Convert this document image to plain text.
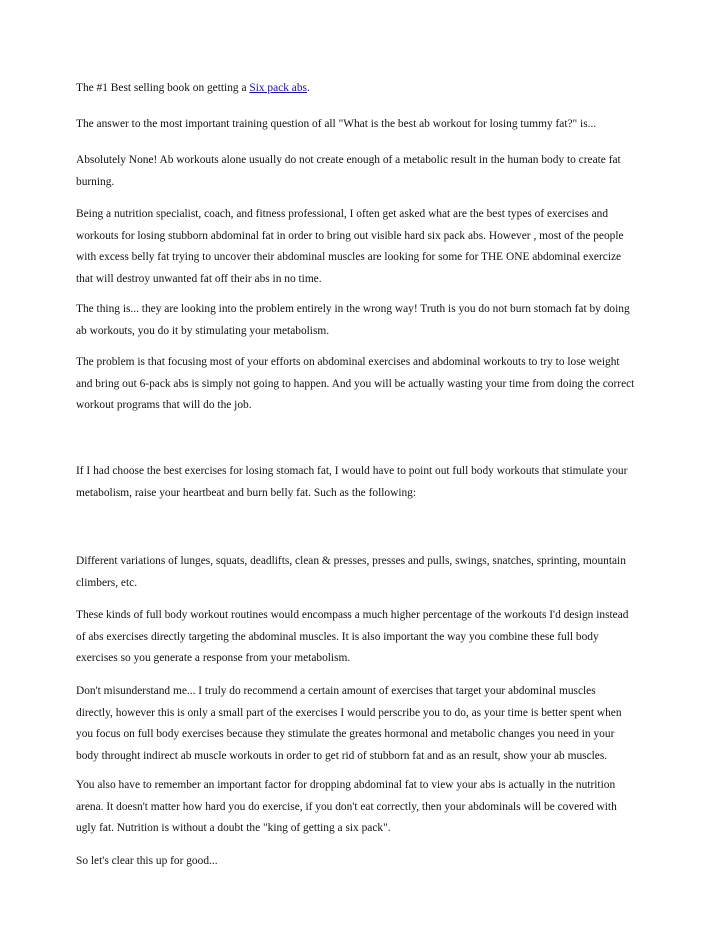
The #1 Best selling book on getting a Six pack abs.

The answer to the most important training question of all "What is the best ab workout for losing tummy fat?" is...

Absolutely None! Ab workouts alone usually do not create enough of a metabolic result in the human body to create fat
burning.

Being a nutrition specialist, coach, and fitness professional, I often get asked what are the best types of exercises and
workouts for losing stubborn abdominal fat in order to bring out visible hard six pack abs. However , most of the people
with excess belly fat trying to uncover their abdominal muscles are looking for some for THE ONE abdominal exercize
that will destroy unwanted fat off their abs in no time.

The thing is... they are looking into the problem entirely in the wrong way! Truth is you do not burn stomach fat by doing
ab workouts, you do it by stimulating your metabolism.

The problem is that focusing most of your efforts on abdominal exercises and abdominal workouts to try to lose weight
and bring out 6-pack abs is simply not going to happen. And you will be actually wasting your time from doing the correct
workout programs that will do the job.

If I had choose the best exercises for losing stomach fat, I would have to point out full body workouts that stimulate your
metabolism, raise your heartbeat and burn belly fat. Such as the following:

Different variations of lunges, squats, deadlifts, clean & presses, presses and pulls, swings, snatches, sprinting, mountain
climbers, etc.

These kinds of full body workout routines would encompass a much higher percentage of the workouts I'd design instead
of abs exercises directly targeting the abdominal muscles. It is also important the way you combine these full body
exercises so you generate a response from your metabolism.

Don't misunderstand me... I truly do recommend a certain amount of exercises that target your abdominal muscles
directly, however this is only a small part of the exercises I would perscribe you to do, as your time is better spent when
you focus on full body exercises because they stimulate the greates hormonal and metabolic changes you need in your
body throught indirect ab muscle workouts in order to get rid of stubborn fat and as an result, show your ab muscles.

You also have to remember an important factor for dropping abdominal fat to view your abs is actually in the nutrition
arena. It doesn't matter how hard you do exercise, if you don't eat correctly, then your abdominals will be covered with
ugly fat. Nutrition is without a doubt the "king of getting a six pack".

So let's clear this up for good...
